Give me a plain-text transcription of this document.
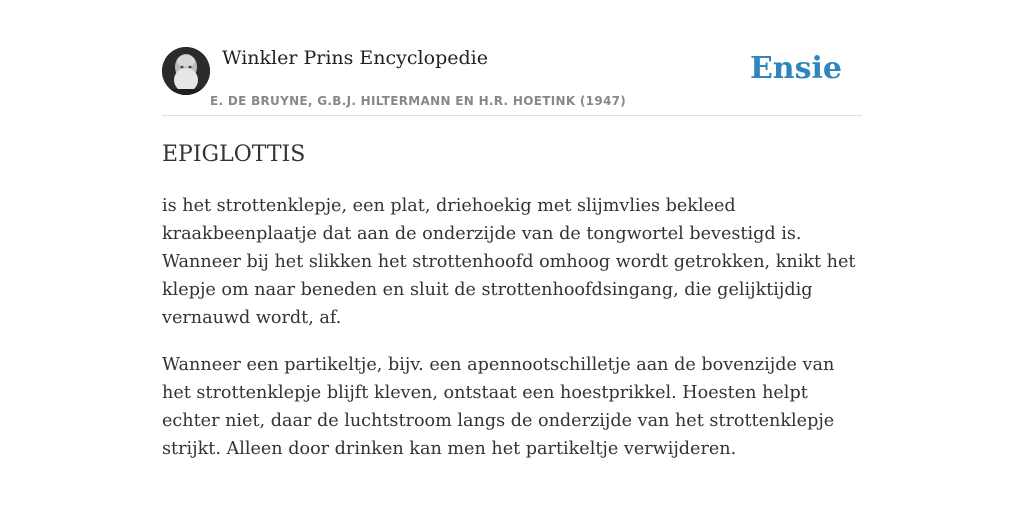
Winkler Prins Encyclopedie
E. DE BRUYNE, G.B.J. HILTERMANN EN H.R. HOETINK (1947)
Ensie
EPIGLOTTIS

is het strottenklepje, een plat, driehoekig met slijmvlies bekleed kraakbeenplaatje dat aan de onderzijde van de tongwortel bevestigd is. Wanneer bij het slikken het strottenhoofd omhoog wordt getrokken, knikt het klepje om naar beneden en sluit de strottenhoofdsingang, die gelijktijdig vernauwd wordt, af.

Wanneer een partikeltje, bijv. een apennootschilletje aan de bovenzijde van het strottenklepje blijft kleven, ontstaat een hoestprikkel. Hoesten helpt echter niet, daar de luchtstroom langs de onderzijde van het strottenklepje strijkt. Alleen door drinken kan men het partikeltje verwijderen.
